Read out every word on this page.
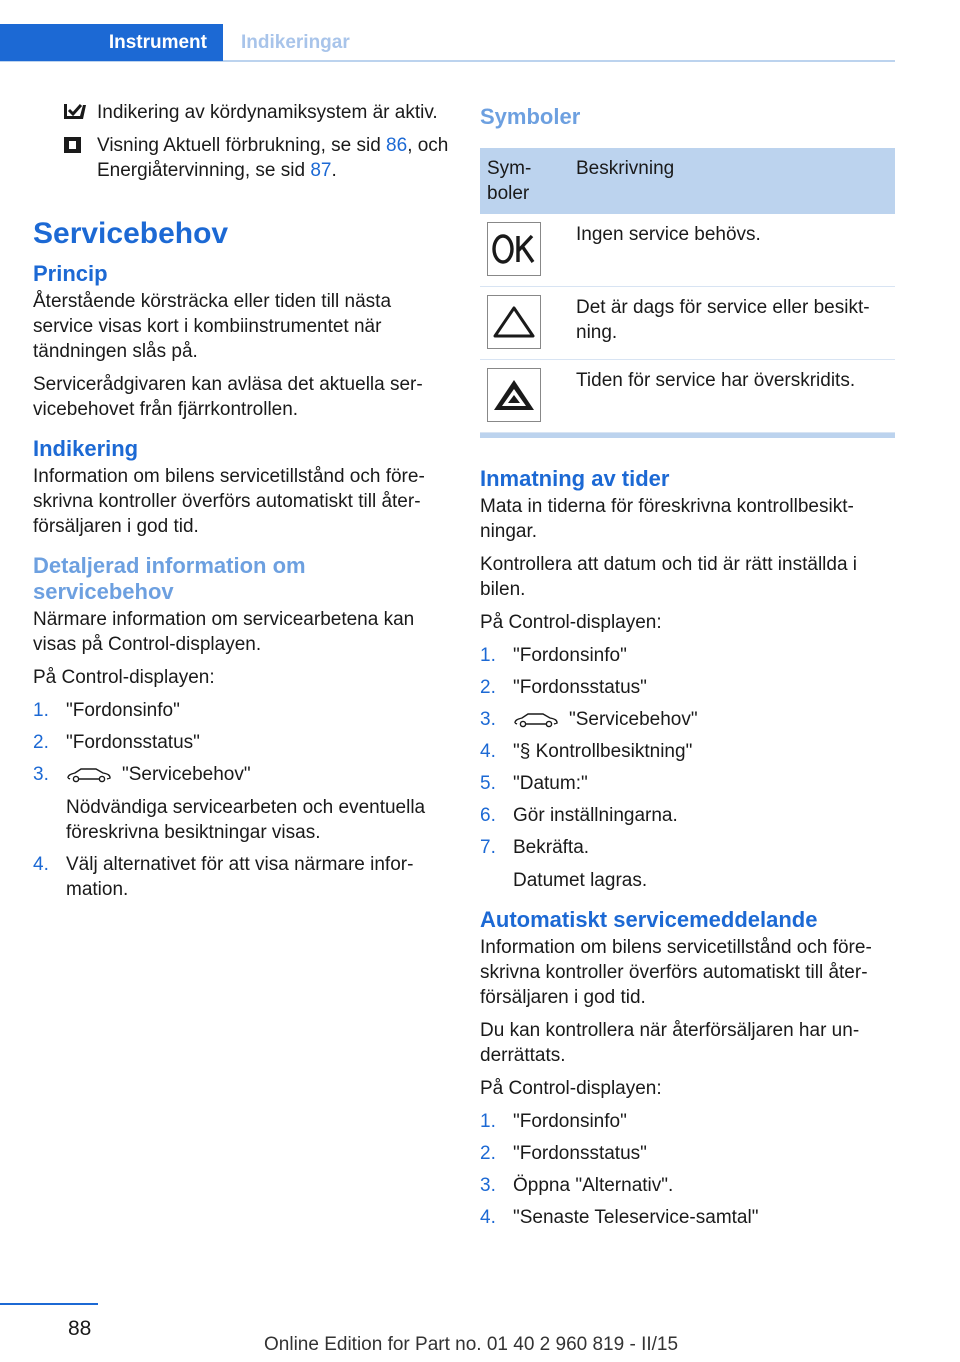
Instrument Indikeringar
Indikering av kördynamiksystem är aktiv.
Visning Aktuell förbrukning, se sid 86, och Energiåtervinning, se sid 87.
Servicebehov
Princip

Återstående körsträcka eller tiden till nästa service visas kort i kombiinstrumentet när tändningen slås på.

Servicerådgivaren kan avläsa det aktuella servicebehovet från fjärrkontrollen.

Indikering

Information om bilens servicetillstånd och föreskrivna kontroller överförs automatiskt till återförsäljaren i god tid.

Detaljerad information om servicebehov

Närmare information om servicearbetena kan visas på Control-displayen.

På Control-displayen:

1. "Fordonsinfo"
2. "Fordonsstatus"
3.	"Servicebehov"
Nödvändiga servicearbeten och eventuella föreskrivna besiktningar visas.
4. Välj alternativet för att visa närmare information.
Symboler
Symboler	Beskrivning

	Ingen service behövs.

	Det är dags för service eller besiktning.

	Tiden för service har överskridits.
Inmatning av tider

Mata in tiderna för föreskrivna kontrollbesiktningar.

Kontrollera att datum och tid är rätt inställda i bilen.

På Control-displayen:

1. "Fordonsinfo"
2. "Fordonsstatus"
3.	"Servicebehov"
4. "§ Kontrollbesiktning"
5. "Datum:"
6. Gör inställningarna.
7. Bekräfta.
Datumet lagras.
Automatiskt servicemeddelande

Information om bilens servicetillstånd och föreskrivna kontroller överförs automatiskt till återförsäljaren i god tid.

Du kan kontrollera när återförsäljaren har underrättats.

På Control-displayen:

1. "Fordonsinfo"
2. "Fordonsstatus"
3. Öppna "Alternativ".
4. "Senaste Teleservice-samtal"
88
Online Edition for Part no. 01 40 2 960 819 - II/15
